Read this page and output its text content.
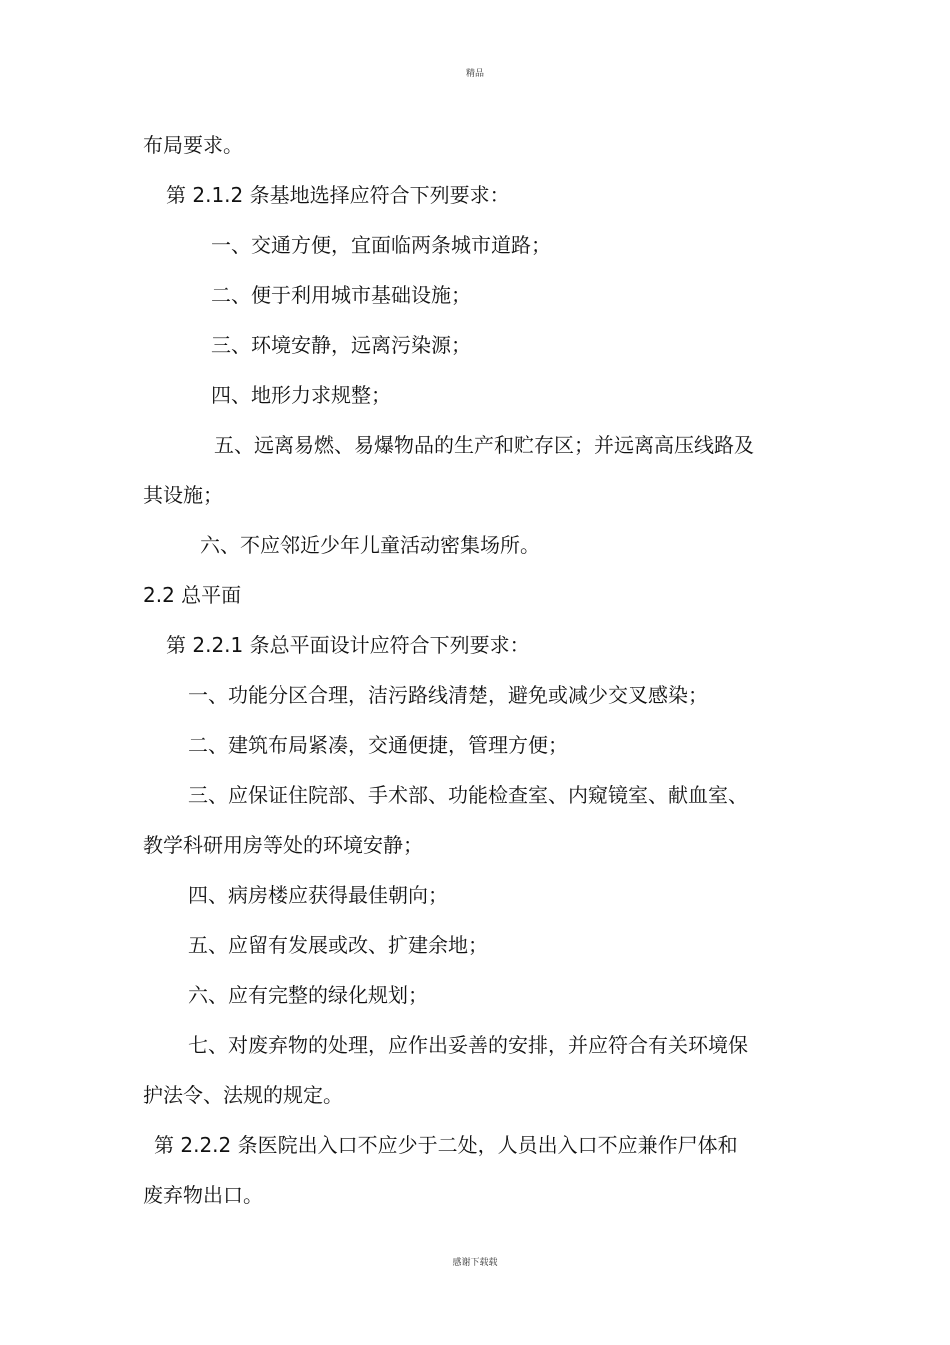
精品
布局要求。
第 2.1.2 条基地选择应符合下列要求：
一、交通方便，宜面临两条城市道路；
二、便于利用城市基础设施；
三、环境安静，远离污染源；
四、地形力求规整；
五、远离易燃、易爆物品的生产和贮存区；并远离高压线路及
其设施；
六、不应邻近少年儿童活动密集场所。
2.2 总平面
第 2.2.1 条总平面设计应符合下列要求：
一、功能分区合理，洁污路线清楚，避免或减少交叉感染；
二、建筑布局紧凑，交通便捷，管理方便；
三、应保证住院部、手术部、功能检查室、内窥镜室、献血室、
教学科研用房等处的环境安静；
四、病房楼应获得最佳朝向；
五、应留有发展或改、扩建余地；
六、应有完整的绿化规划；
七、对废弃物的处理，应作出妥善的安排，并应符合有关环境保
护法令、法规的规定。
第 2.2.2 条医院出入口不应少于二处，人员出入口不应兼作尸体和
废弃物出口。
感谢下载载
